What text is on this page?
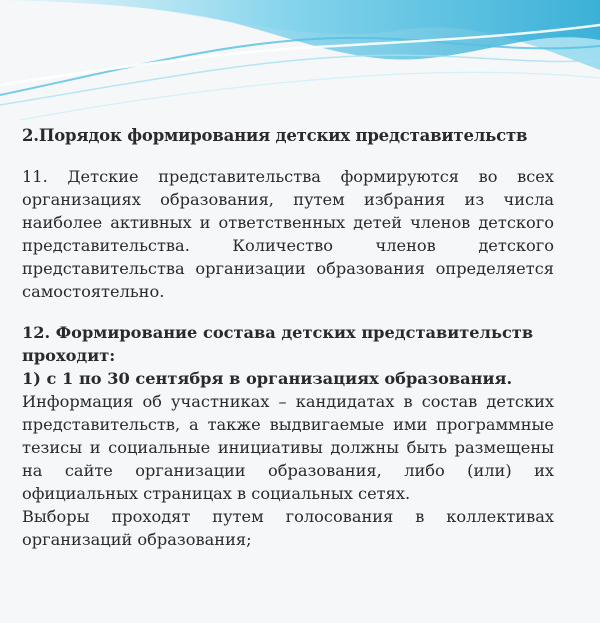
2.Порядок формирования детских представительств

11. Детские представительства формируются во всех организациях образования, путем избрания из числа наиболее активных и ответственных детей членов детского представительства. Количество членов детского представительства организации образования определяется самостоятельно.

12. Формирование состава детских представительств проходит:
1) с 1 по 30 сентября в организациях образования.

Информация об участниках – кандидатах в состав детских представительств, а также выдвигаемые ими программные тезисы и социальные инициативы должны быть размещены на сайте организации образования, либо (или) их официальных страницах в социальных сетях.

Выборы проходят путем голосования в коллективах организаций образования;
